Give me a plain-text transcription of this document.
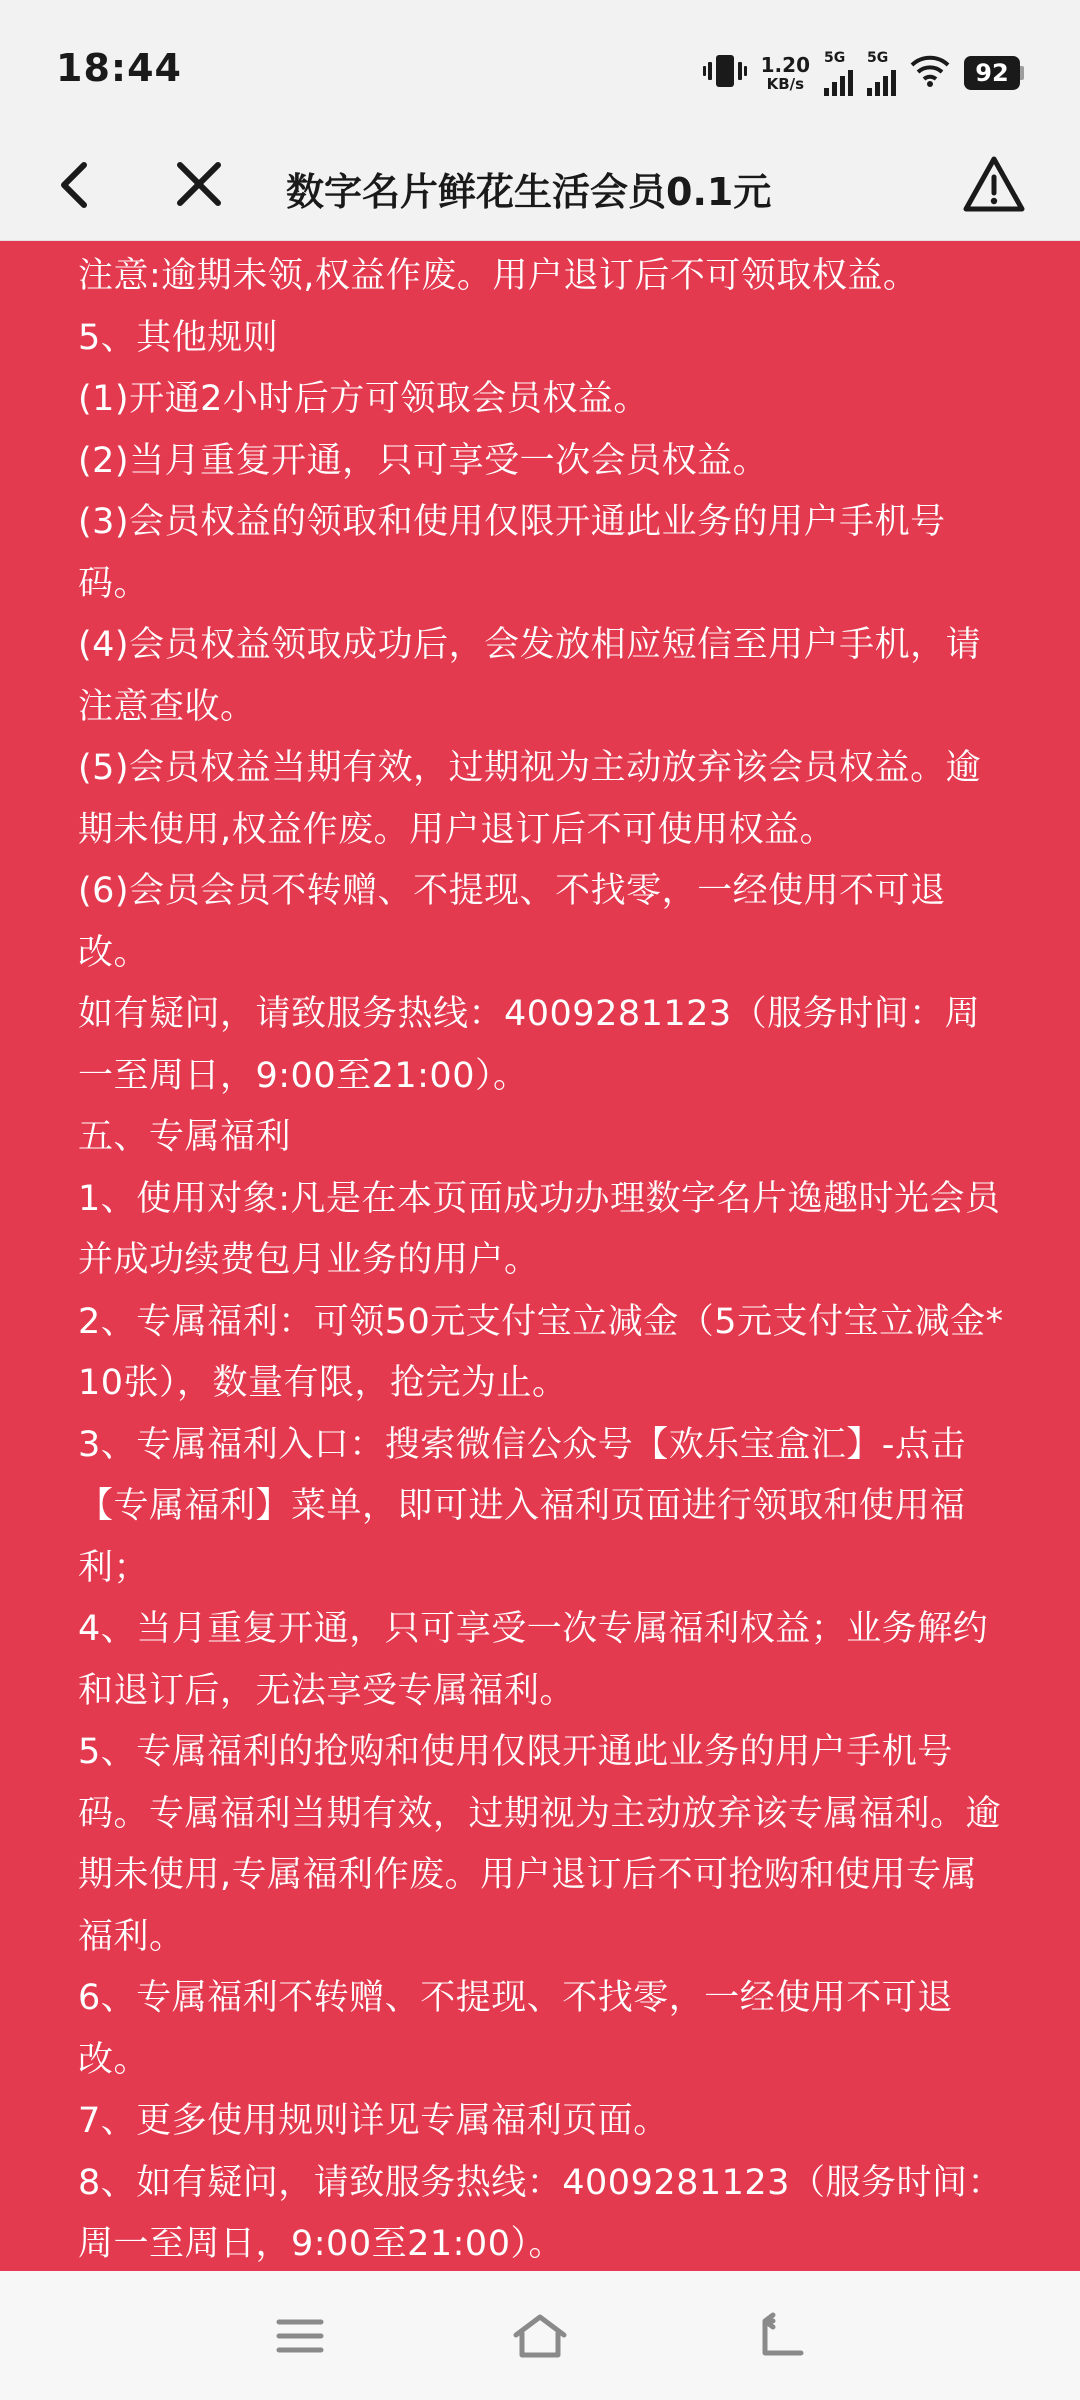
18:44	1.20
KB/s
5G 5G
92
数字名片鲜花生活会员0.1元

注意:逾期未领,权益作废。用户退订后不可领取权益。

5、其他规则

(1)开通2小时后方可领取会员权益。

(2)当月重复开通，只可享受一次会员权益。

(3)会员权益的领取和使用仅限开通此业务的用户手机号码。

(4)会员权益领取成功后，会发放相应短信至用户手机，请注意查收。

(5)会员权益当期有效，过期视为主动放弃该会员权益。逾期未使用,权益作废。用户退订后不可使用权益。

(6)会员会员不转赠、不提现、不找零，一经使用不可退改。

如有疑问，请致服务热线：4009281123（服务时间：周一至周日，9:00至21:00）。

五、专属福利

1、使用对象:凡是在本页面成功办理数字名片逸趣时光会员并成功续费包月业务的用户。

2、专属福利：可领50元支付宝立减金（5元支付宝立减金*10张），数量有限，抢完为止。

3、专属福利入口：搜索微信公众号【欢乐宝盒汇】-点击【专属福利】菜单，即可进入福利页面进行领取和使用福利；

4、当月重复开通，只可享受一次专属福利权益；业务解约和退订后，无法享受专属福利。

5、专属福利的抢购和使用仅限开通此业务的用户手机号码。专属福利当期有效，过期视为主动放弃该专属福利。逾期未使用,专属福利作废。用户退订后不可抢购和使用专属福利。

6、专属福利不转赠、不提现、不找零，一经使用不可退改。

7、更多使用规则详见专属福利页面。

8、如有疑问，请致服务热线：4009281123（服务时间：周一至周日，9:00至21:00）。
